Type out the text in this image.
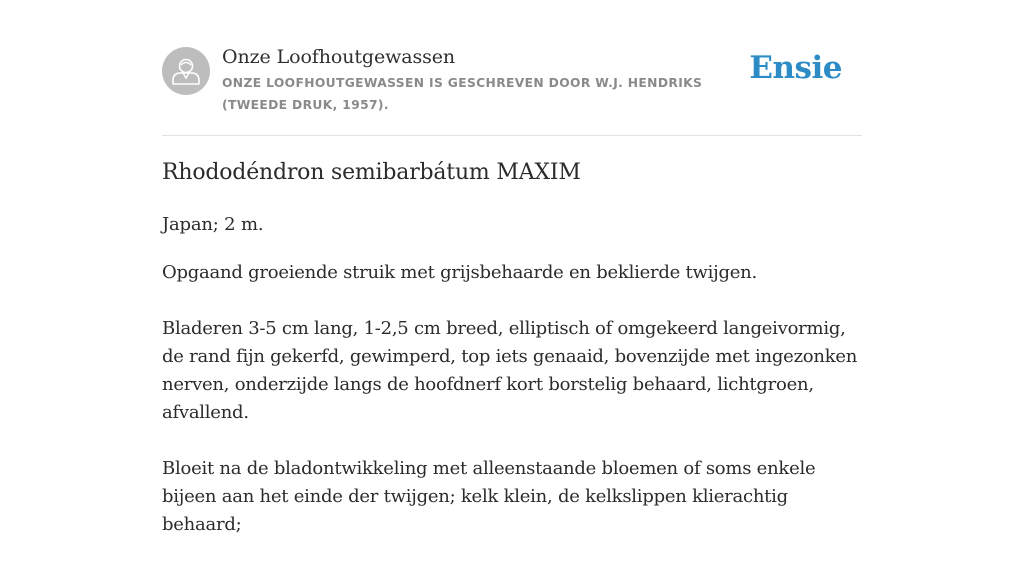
Onze Loofhoutgewassen
ONZE LOOFHOUTGEWASSEN IS GESCHREVEN DOOR W.J. HENDRIKS (TWEEDE DRUK, 1957).
Ensie
Rhododéndron semibarbátum MAXIM
Japan; 2 m.

Opgaand groeiende struik met grijsbehaarde en beklierde twijgen.

Bladeren 3-5 cm lang, 1-2,5 cm breed, elliptisch of omgekeerd langeivormig, de rand fijn gekerfd, gewimperd, top iets genaaid, bovenzijde met ingezonken nerven, onderzijde langs de hoofdnerf kort borstelig behaard, lichtgroen, afvallend.

Bloeit na de bladontwikkeling met alleenstaande bloemen of soms enkele bijeen aan het einde der twijgen; kelk klein, de kelkslippen klierachtig behaard;
